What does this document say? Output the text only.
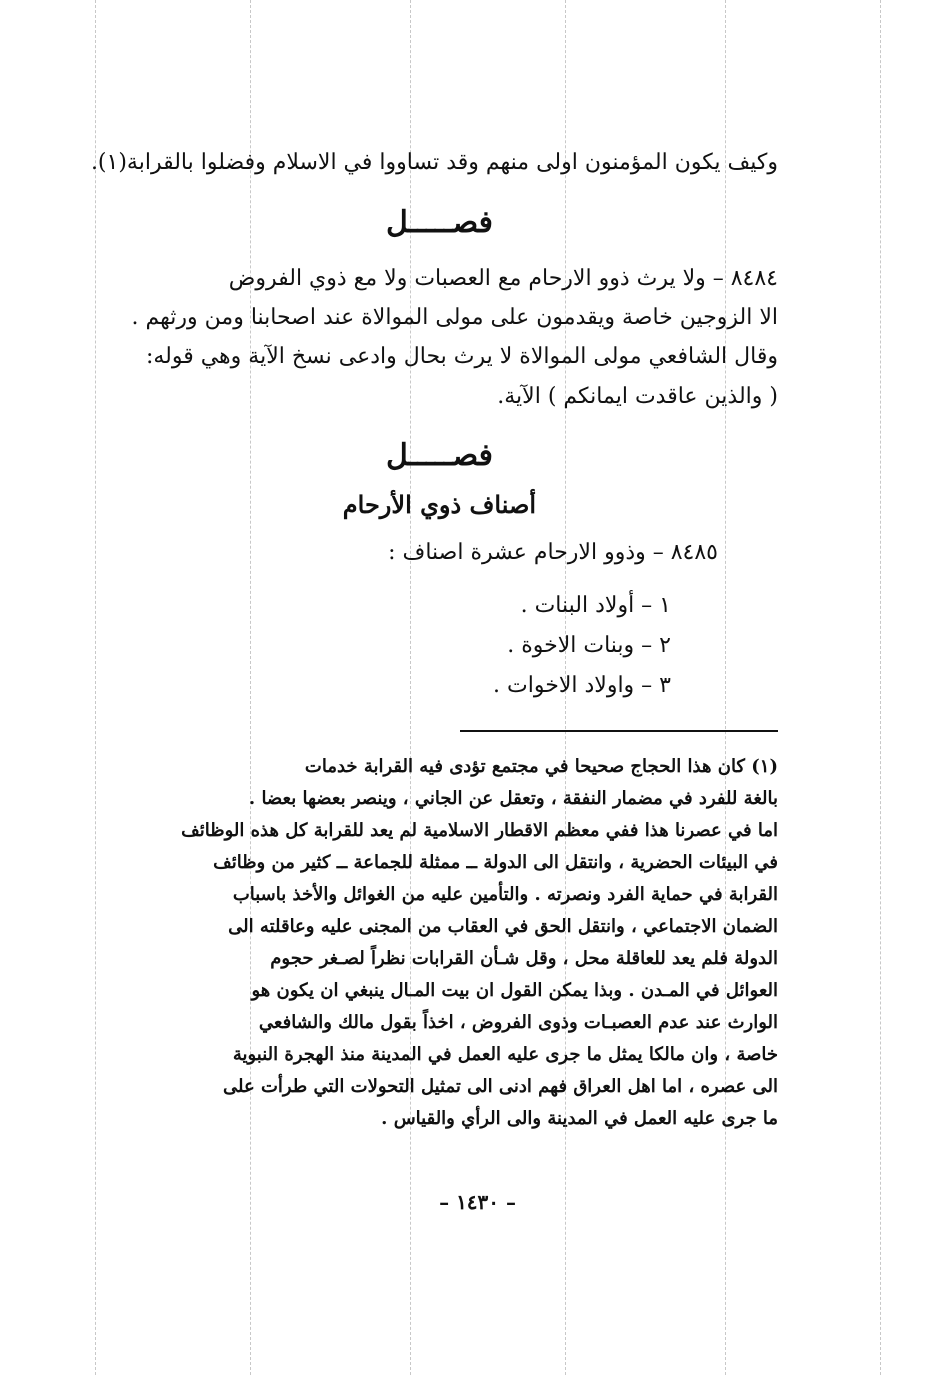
وكيف يكون المؤمنون اولى منهم وقد تساووا في الاسلام وفضلوا بالقرابة(١).
فصـــــل
٨٤٨٤ – ولا يرث ذوو الارحام مع العصبات ولا مع ذوي الفروض
الا الزوجين خاصة ويقدمون على مولى الموالاة عند اصحابنا ومن ورثهم .
وقال الشافعي مولى الموالاة لا يرث بحال وادعى نسخ الآية وهي قوله:
( والذين عاقدت ايمانكم ) الآية.
فصـــــل
أصناف ذوي الأرحام
٨٤٨٥ – وذوو الارحام عشرة اصناف :
١ – أولاد البنات .
٢ – وبنات الاخوة .
٣ – واولاد الاخوات .
(١) كان هذا الحجاج صحيحا في مجتمع تؤدى فيه القرابة خدمات
بالغة للفرد في مضمار النفقة ، وتعقل عن الجاني ، وينصر بعضها بعضا .
اما في عصرنا هذا ففي معظم الاقطار الاسلامية لم يعد للقرابة كل هذه الوظائف
في البيئات الحضرية ، وانتقل الى الدولة ــ ممثلة للجماعة ــ كثير من وظائف
القرابة في حماية الفرد ونصرته . والتأمين عليه من الغوائل والأخذ باسباب
الضمان الاجتماعي ، وانتقل الحق في العقاب من المجنى عليه وعاقلته الى
الدولة فلم يعد للعاقلة محل ، وقل شـأن القرابات نظراً لصـغر حجوم
العوائل في المـدن . وبذا يمكن القول ان بيت المـال ينبغي ان يكون هو
الوارث عند عدم العصبـات وذوى الفروض ، اخذاً بقول مالك والشافعي
خاصة ، وان مالكا يمثل ما جرى عليه العمل في المدينة منذ الهجرة النبوية
الى عصره ، اما اهل العراق فهم ادنى الى تمثيل التحولات التي طرأت على
ما جرى عليه العمل في المدينة والى الرأي والقياس .
– ١٤٣٠ –
